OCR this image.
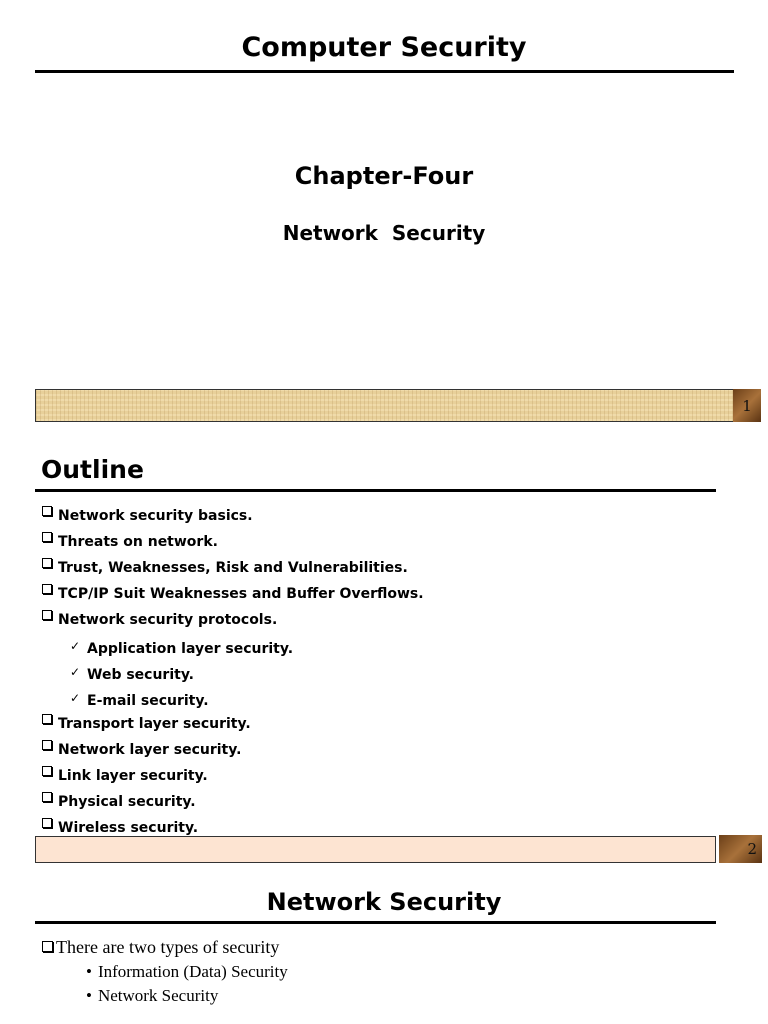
Computer Security
Chapter-Four
Network  Security
1
Outline
Network security basics.
Threats on network.
Trust, Weaknesses, Risk and Vulnerabilities.
TCP/IP Suit Weaknesses and Buffer Overflows.
Network security protocols.
✓ Application layer security.
✓ Web security.
✓ E-mail security.
Transport layer security.
Network layer security.
Link layer security.
Physical security.
Wireless security.
2
Network Security
There are two types of security
• Information (Data) Security
• Network Security
